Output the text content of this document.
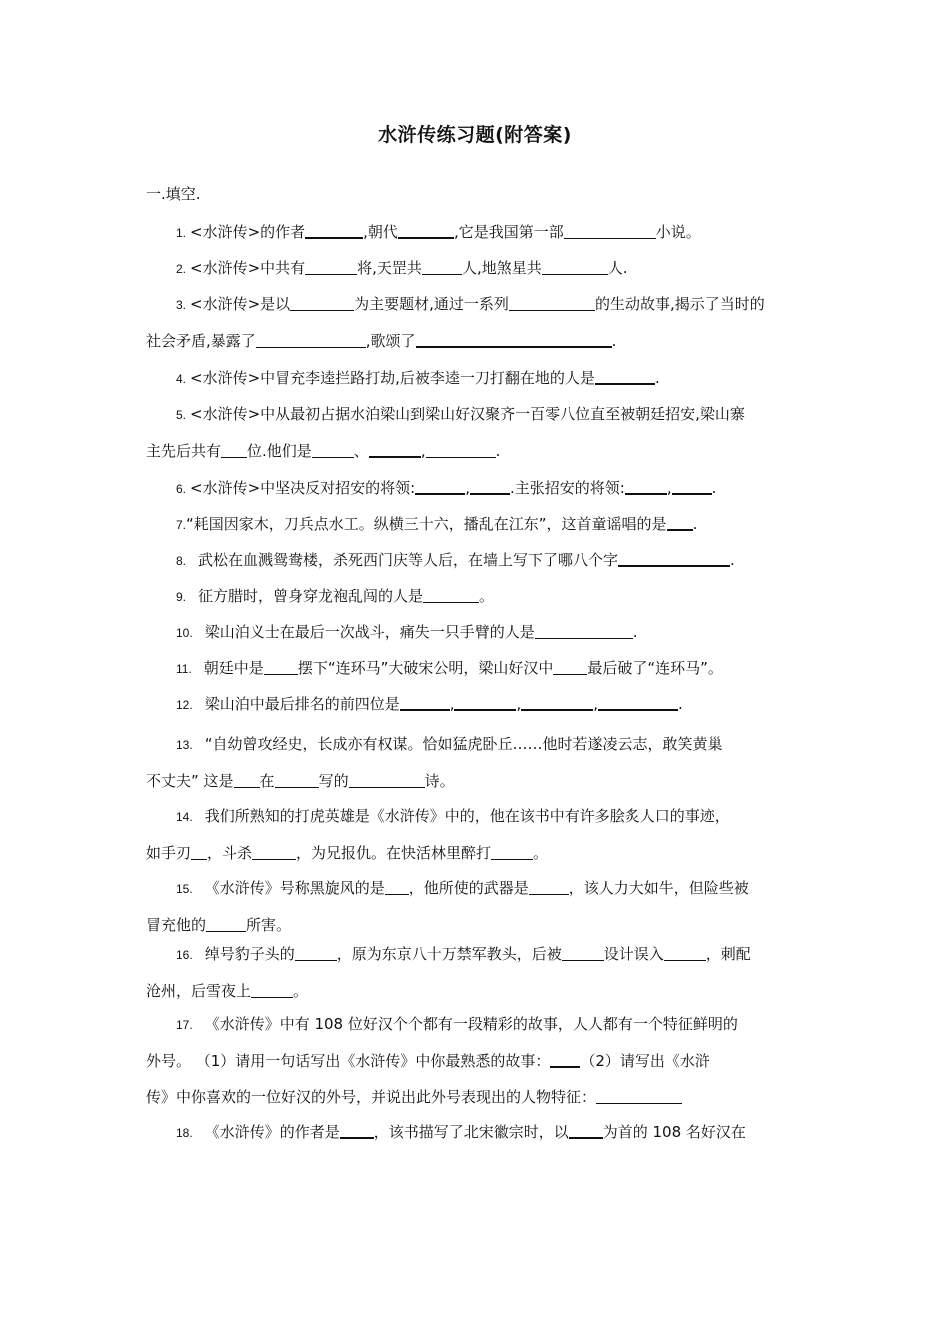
水浒传练习题(附答案)
一.填空.
1. <水浒传>的作者	,朝代	,它是我国第一部	小说。
2. <水浒传>中共有	将,天罡共	人,地煞星共	人.
3. <水浒传>是以	为主要题材,通过一系列	的生动故事,揭示了当时的
社会矛盾,暴露了	,歌颂了	.
4. <水浒传>中冒充李逵拦路打劫,后被李逵一刀打翻在地的人是	.
5. <水浒传>中从最初占据水泊梁山到梁山好汉聚齐一百零八位直至被朝廷招安,梁山寨
主先后共有 位.他们是	、	,	.
6. <水浒传>中坚决反对招安的将领:	,	.主张招安的将领:	,	.
7.“耗国因家木，刀兵点水工。纵横三十六，播乱在江东”，这首童谣唱的是 .
8. 武松在血溅鸳鸯楼，杀死西门庆等人后，在墙上写下了哪八个字	.
9. 征方腊时，曾身穿龙袍乱闯的人是	。
10. 梁山泊义士在最后一次战斗，痛失一只手臂的人是	.
11. 朝廷中是 摆下“连环马”大破宋公明，梁山好汉中 最后破了“连环马”。
12. 梁山泊中最后排名的前四位是	,	,	,	.
13. “自幼曾攻经史，长成亦有权谋。恰如猛虎卧丘……他时若遂凌云志，敢笑黄巢
不丈夫” 这是 在	写的	诗。
14. 我们所熟知的打虎英雄是《水浒传》中的，他在该书中有许多脍炙人口的事迹，
如手刃 ，斗杀	，为兄报仇。在快活林里醉打	。
15. 《水浒传》号称黑旋风的是 ，他所使的武器是	，该人力大如牛，但险些被
冒充他的	所害。
16. 绰号豹子头的	，原为东京八十万禁军教头，后被	设计误入	，刺配
沧州，后雪夜上	。
17. 《水浒传》中有 108 位好汉个个都有一段精彩的故事，人人都有一个特征鲜明的
外号。 （1）请用一句话写出《水浒传》中你最熟悉的故事： （2）请写出《水浒
传》中你喜欢的一位好汉的外号，并说出此外号表现出的人物特征：
18. 《水浒传》的作者是 ，该书描写了北宋徽宗时，以 为首的 108 名好汉在
